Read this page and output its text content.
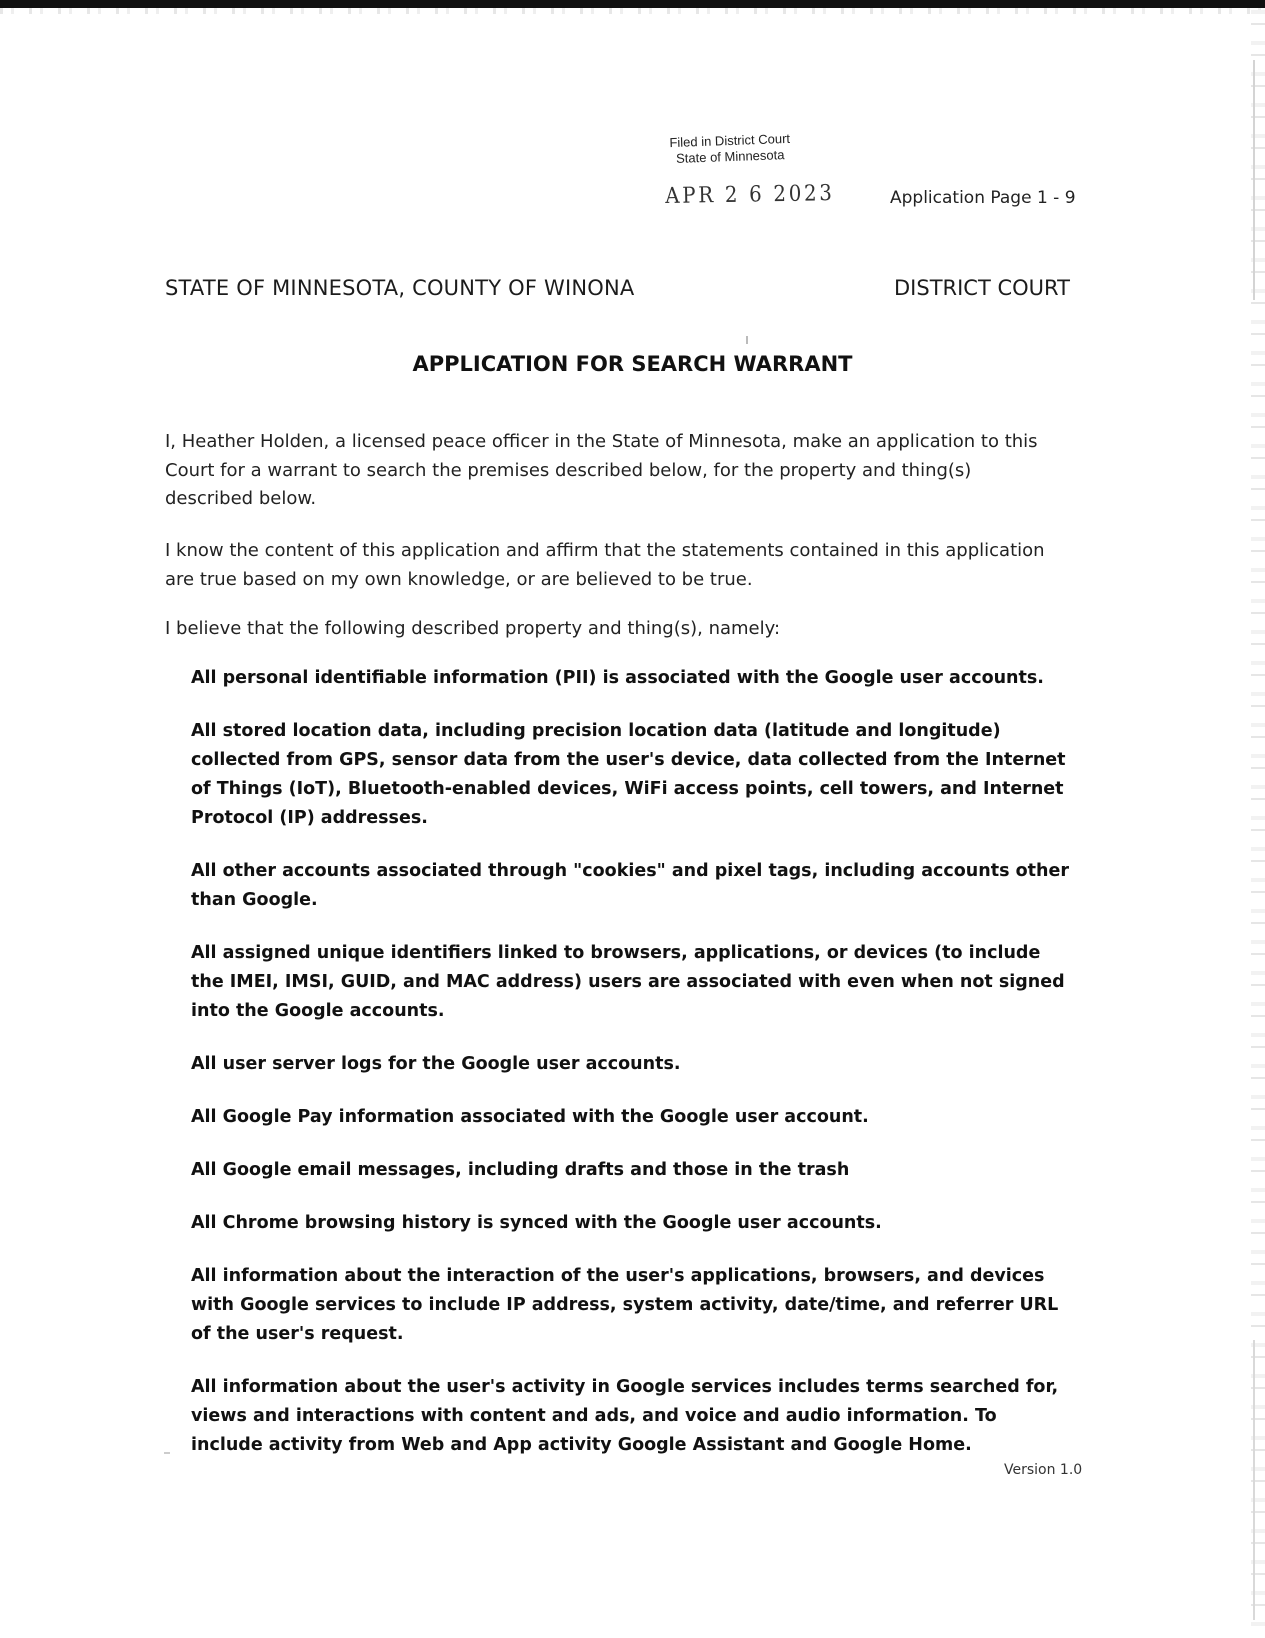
Filed in District Court
State of Minnesota
APR 2 6 2023	Application Page 1 - 9
STATE OF MINNESOTA, COUNTY OF WINONA	DISTRICT COURT
APPLICATION FOR SEARCH WARRANT
I, Heather Holden, a licensed peace officer in the State of Minnesota, make an application to this Court for a warrant to search the premises described below, for the property and thing(s) described below.
I know the content of this application and affirm that the statements contained in this application are true based on my own knowledge, or are believed to be true.
I believe that the following described property and thing(s), namely:
All personal identifiable information (PII) is associated with the Google user accounts.
All stored location data, including precision location data (latitude and longitude) collected from GPS, sensor data from the user's device, data collected from the Internet of Things (IoT), Bluetooth-enabled devices, WiFi access points, cell towers, and Internet Protocol (IP) addresses.
All other accounts associated through "cookies" and pixel tags, including accounts other than Google.
All assigned unique identifiers linked to browsers, applications, or devices (to include the IMEI, IMSI, GUID, and MAC address) users are associated with even when not signed into the Google accounts.
All user server logs for the Google user accounts.
All Google Pay information associated with the Google user account.
All Google email messages, including drafts and those in the trash
All Chrome browsing history is synced with the Google user accounts.
All information about the interaction of the user's applications, browsers, and devices with Google services to include IP address, system activity, date/time, and referrer URL of the user's request.
All information about the user's activity in Google services includes terms searched for, views and interactions with content and ads, and voice and audio information. To include activity from Web and App activity Google Assistant and Google Home.
Version 1.0
